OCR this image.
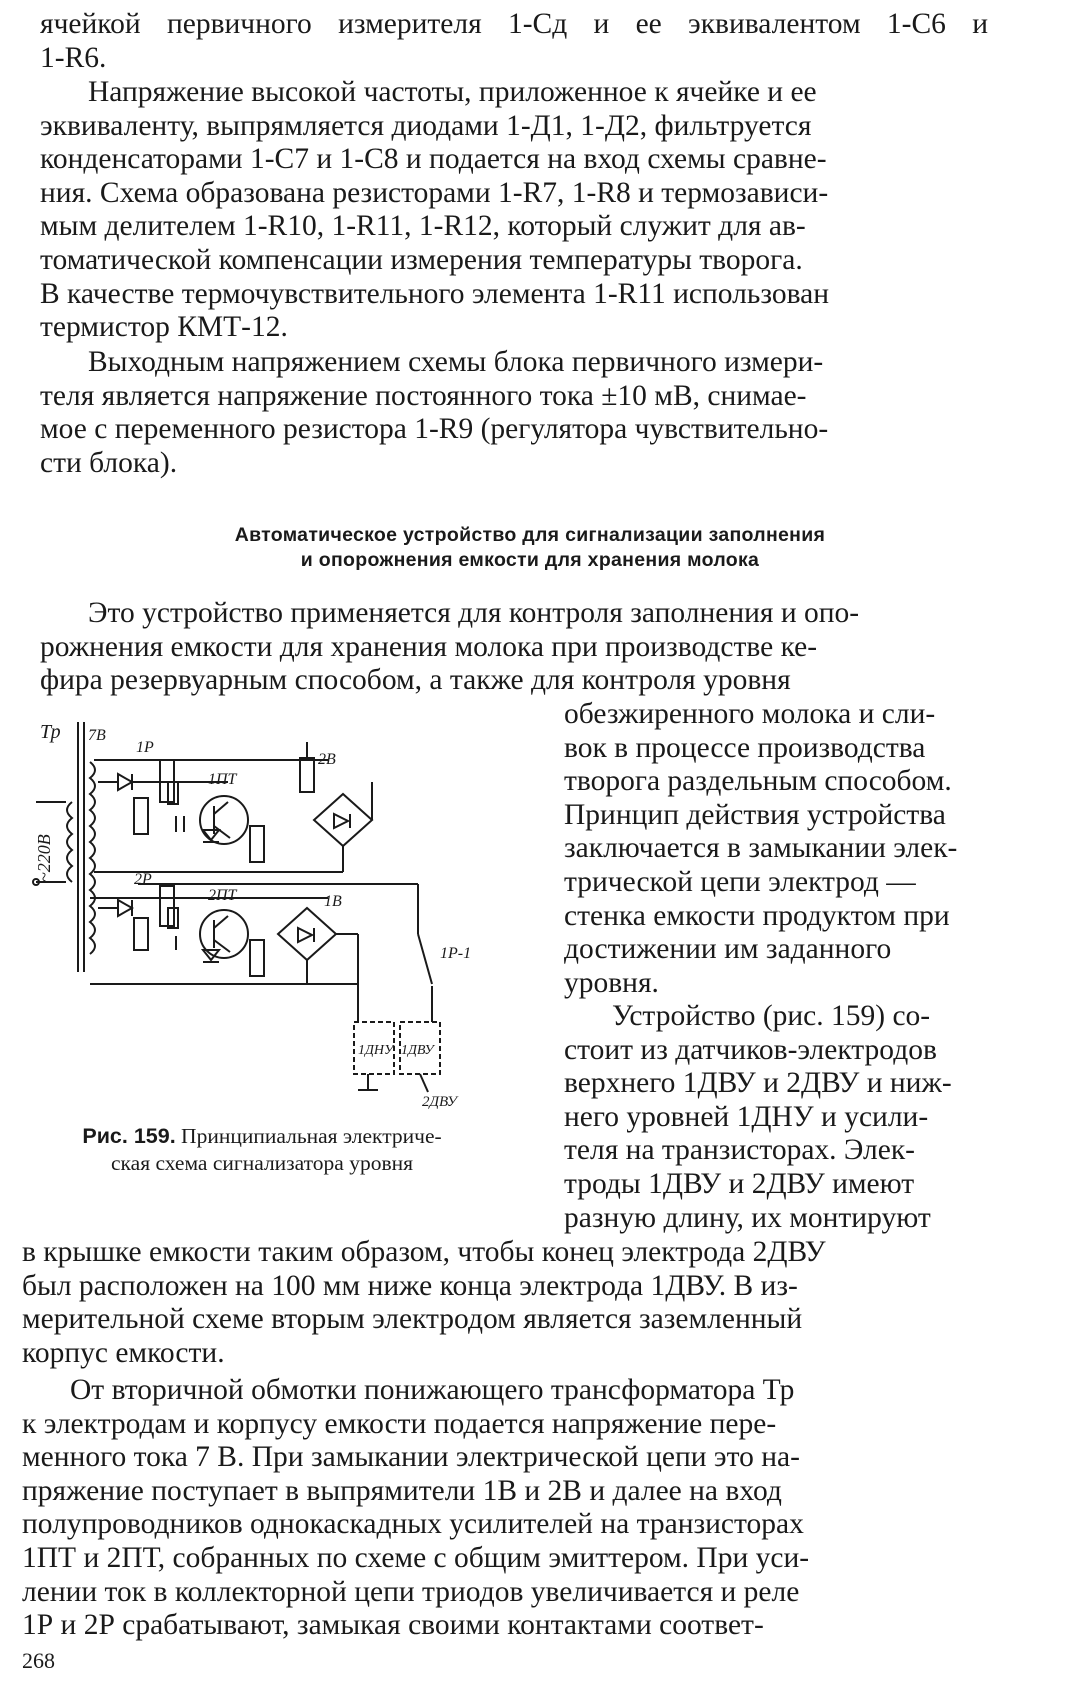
ячейкой первичного измерителя 1-Сд и ее эквивалентом 1-С6 и
1-R6.
Напряжение высокой частоты, приложенное к ячейке и ее
эквиваленту, выпрямляется диодами 1-Д1, 1-Д2, фильтруется
конденсаторами 1-С7 и 1-С8 и подается на вход схемы сравне-
ния. Схема образована резисторами 1-R7, 1-R8 и термозависи-
мым делителем 1-R10, 1-R11, 1-R12, который служит для ав-
томатической компенсации измерения температуры творога.
В качестве термочувствительного элемента 1-R11 использован
термистор КМТ-12.
Выходным напряжением схемы блока первичного измери-
теля является напряжение постоянного тока ±10 мВ, снимае-
мое с переменного резистора 1-R9 (регулятора чувствительно-
сти блока).
Автоматическое устройство для сигнализации заполнения
и опорожнения емкости для хранения молока
Это устройство применяется для контроля заполнения и опо-
рожнения емкости для хранения молока при производстве ке-
фира резервуарным способом, а также для контроля уровня
обезжиренного молока и сли-
вок в процессе производства
творога раздельным способом.
Принцип действия устройства
заключается в замыкании элек-
трической цепи электрод —
стенка емкости продуктом при
достижении им заданного
уровня.
Устройство (рис. 159) со-
стоит из датчиков-электродов
верхнего 1ДВУ и 2ДВУ и ниж-
него уровней 1ДНУ и усили-
теля на транзисторах. Элек-
троды 1ДВУ и 2ДВУ имеют
разную длину, их монтируют
в крышке емкости таким образом, чтобы конец электрода 2ДВУ
был расположен на 100 мм ниже конца электрода 1ДВУ. В из-
мерительной схеме вторым электродом является заземленный
корпус емкости.
От вторичной обмотки понижающего трансформатора Тр
к электродам и корпусу емкости подается напряжение пере-
менного тока 7 В. При замыкании электрической цепи это на-
пряжение поступает в выпрямители 1В и 2В и далее на вход
полупроводников однокаскадных усилителей на транзисторах
1ПТ и 2ПТ, собранных по схеме с общим эмиттером. При уси-
лении ток в коллекторной цепи триодов увеличивается и реле
1Р и 2Р срабатывают, замыкая своими контактами соответ-
Тр 7В
~220В
1Р
1ПТ
2В
2Р
2ПТ	1В
1Р-1
1ДНУ 1ДВУ
2ДВУ
Рис. 159. Принципиальная электриче-
ская схема сигнализатора уровня
268
